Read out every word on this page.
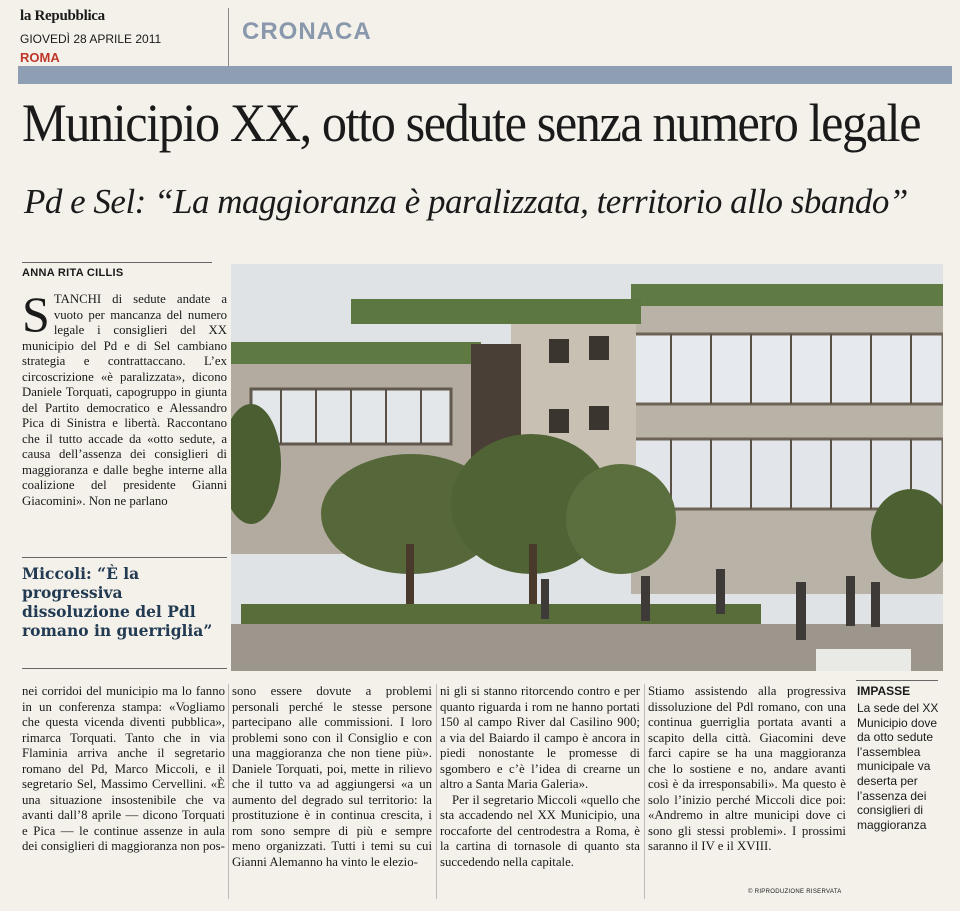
la Repubblica
GIOVEDÌ 28 APRILE 2011
ROMA
CRONACA
Municipio XX, otto sedute senza numero legale
Pd e Sel: “La maggioranza è paralizzata, territorio allo sbando”
ANNA RITA CILLIS
STANCHI di sedute andate a vuoto per mancanza del numero legale i consiglieri del XX municipio del Pd e di Sel cambiano strategia e contrattaccano. L’ex circoscrizione «è paralizzata», dicono Daniele Torquati, capogruppo in giunta del Partito democratico e Alessandro Pica di Sinistra e libertà. Raccontano che il tutto accade da «otto sedute, a causa dell’assenza dei consiglieri di maggioranza e dalle beghe interne alla coalizione del presidente Gianni Giacomini». Non ne parlano
Miccoli: “È la progressiva dissoluzione del Pdl romano in guerriglia”
nei corridoi del municipio ma lo fanno in un conferenza stampa: «Vogliamo che questa vicenda diventi pubblica», rimarca Torquati. Tanto che in via Flaminia arriva anche il segretario romano del Pd, Marco Miccoli, e il segretario Sel, Massimo Cervellini. «È una situazione insostenibile che va avanti dall’8 aprile — dicono Torquati e Pica — le continue assenze in aula dei consiglieri di maggioranza non pos-
sono essere dovute a problemi personali perché le stesse persone partecipano alle commissioni. I loro problemi sono con il Consiglio e con una maggioranza che non tiene più». Daniele Torquati, poi, mette in rilievo che il tutto va ad aggiungersi «a un aumento del degrado sul territorio: la prostituzione è in continua crescita, i rom sono sempre di più e sempre meno organizzati. Tutti i temi su cui Gianni Alemanno ha vinto le elezio-
ni gli si stanno ritorcendo contro e per quanto riguarda i rom ne hanno portati 150 al campo River dal Casilino 900; a via del Baiardo il campo è ancora in piedi nonostante le promesse di sgombero e c’è l’idea di crearne un altro a Santa Maria Galeria».
Per il segretario Miccoli «quello che sta accadendo nel XX Municipio, una roccaforte del centrodestra a Roma, è la cartina di tornasole di quanto sta succedendo nella capitale.
Stiamo assistendo alla progressiva dissoluzione del Pdl romano, con una continua guerriglia portata avanti a scapito della città. Giacomini deve farci capire se ha una maggioranza che lo sostiene e no, andare avanti così è da irresponsabili». Ma questo è solo l’inizio perché Miccoli dice poi: «Andremo in altre municipi dove ci sono gli stessi problemi». I prossimi saranno il IV e il XVIII.
IMPASSE
La sede del XX Municipio dove da otto sedute l’assemblea municipale va deserta per l’assenza dei consiglieri di maggioranza
© RIPRODUZIONE RISERVATA
